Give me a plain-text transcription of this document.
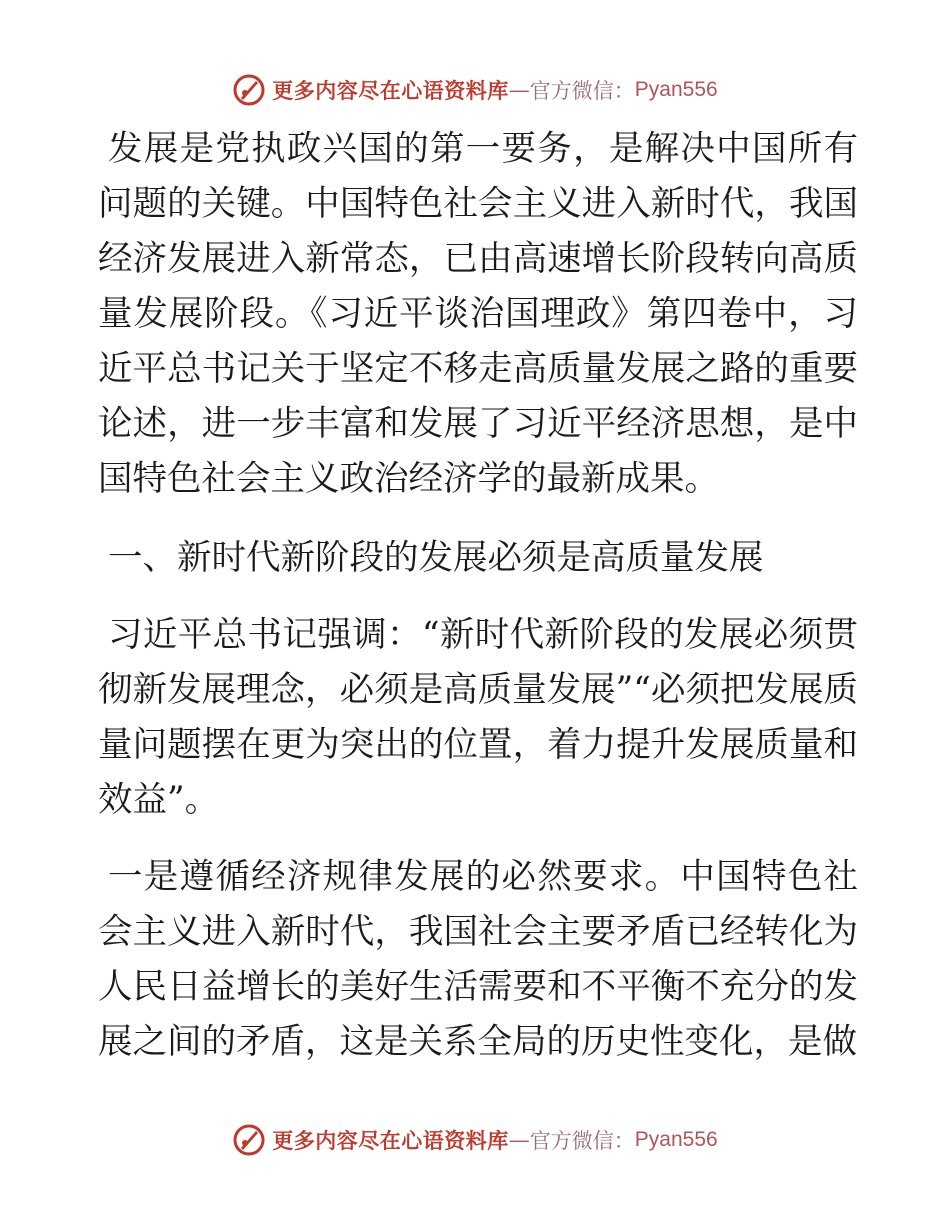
更多内容尽在心语资料库 — 官方微信： Pyan556

发展是党执政兴国的第一要务，是解决中国所有问题的关键。中国特色社会主义进入新时代，我国经济发展进入新常态，已由高速增长阶段转向高质量发展阶段。《习近平谈治国理政》第四卷中，习近平总书记关于坚定不移走高质量发展之路的重要论述，进一步丰富和发展了习近平经济思想，是中国特色社会主义政治经济学的最新成果。

一、新时代新阶段的发展必须是高质量发展

习近平总书记强调：“新时代新阶段的发展必须贯彻新发展理念，必须是高质量发展”“必须把发展质量问题摆在更为突出的位置，着力提升发展质量和效益”。

一是遵循经济规律发展的必然要求。中国特色社会主义进入新时代，我国社会主要矛盾已经转化为人民日益增长的美好生活需要和不平衡不充分的发展之间的矛盾，这是关系全局的历史性变化，是做

更多内容尽在心语资料库 — 官方微信： Pyan556
